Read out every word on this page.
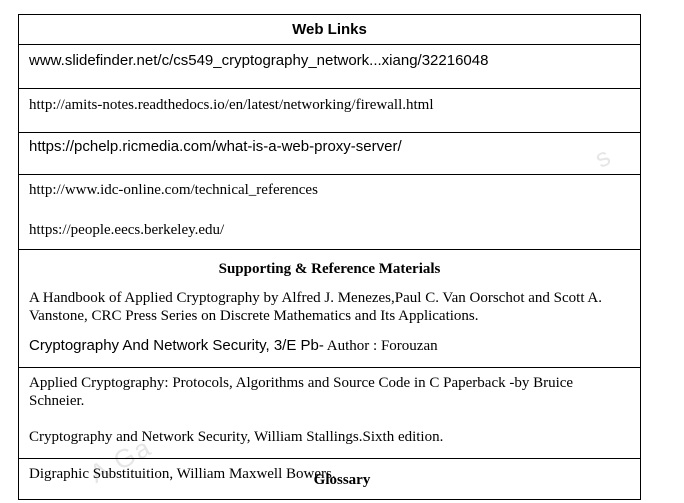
s
A Ga
Web Links
www.slidefinder.net/c/cs549_cryptography_network...xiang/32216048
http://amits-notes.readthedocs.io/en/latest/networking/firewall.html
https://pchelp.ricmedia.com/what-is-a-web-proxy-server/

http://www.idc-online.com/technical_references
https://people.eecs.berkeley.edu/

Supporting & Reference Materials
A Handbook of Applied Cryptography by Alfred J. Menezes,Paul C. Van Oorschot and Scott A. Vanstone, CRC Press Series on Discrete Mathematics and Its Applications.
Cryptography And Network Security, 3/E Pb- Author : Forouzan

Applied Cryptography: Protocols, Algorithms and Source Code in C Paperback -by Bruice Schneier.
Cryptography and Network Security, William Stallings.Sixth edition.

Digraphic Substituition, William Maxwell Bowers.
Glossary
